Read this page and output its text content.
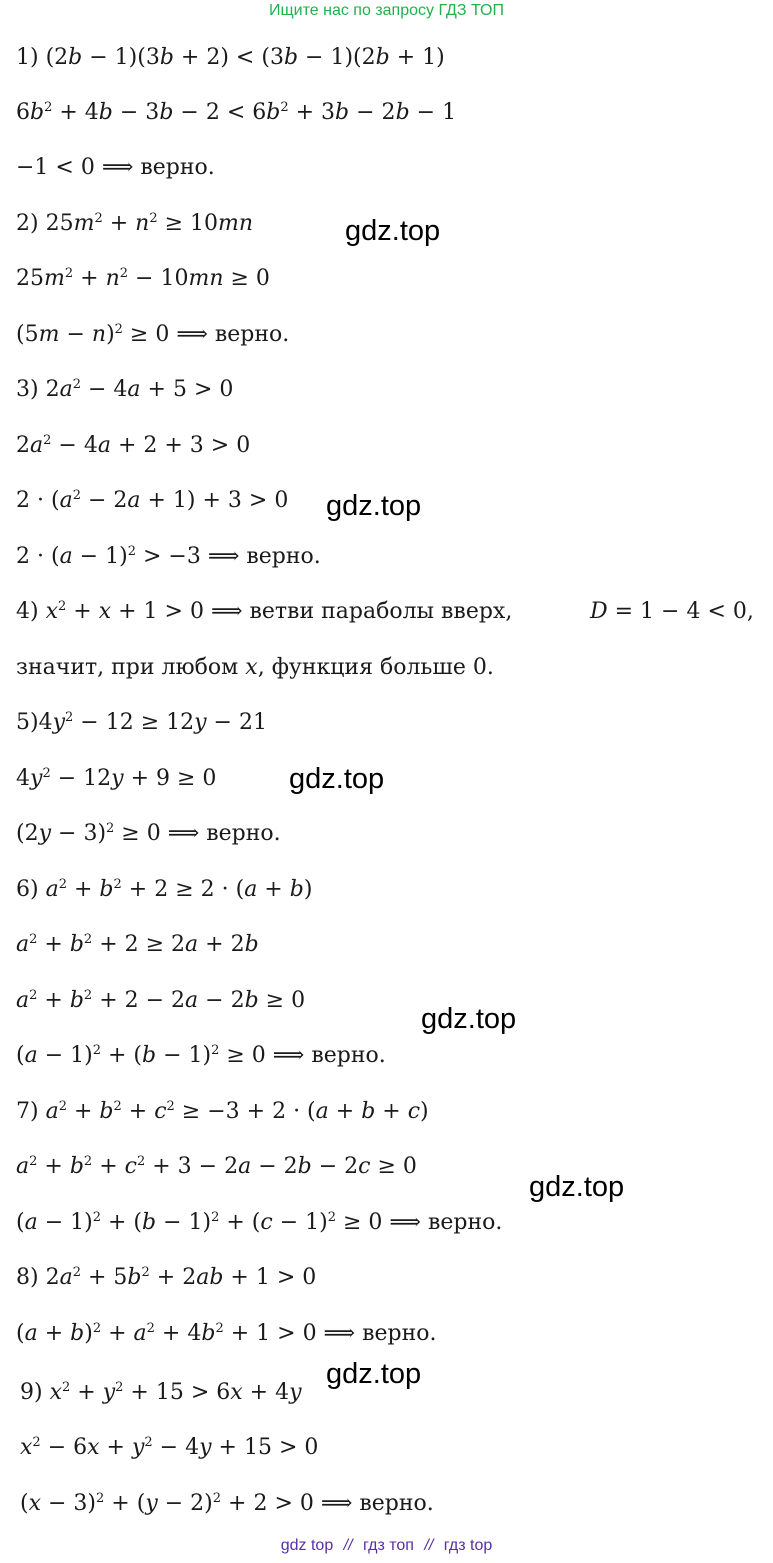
Ищите нас по запросу ГДЗ ТОП
1) (2b − 1)(3b + 2) < (3b − 1)(2b + 1)
$6b^2 + 4b - 3b - 2 < 6b^2 + 3b - 2b - 1$
−1 < 0 ⟹ верно.
2) $25m^2 + n^2 \ge 10mn$
$25m^2 + n^2 - 10mn \ge 0$
$(5m - n)^2 \ge 0$ ⟹ верно.
3) $2a^2 - 4a + 5 > 0$
$2a^2 - 4a + 2 + 3 > 0$
$2 \cdot (a^2 - 2a + 1) + 3 > 0$
$2 \cdot (a - 1)^2 > -3$ ⟹ верно.
4) $x^2 + x + 1 > 0$ ⟹ ветви параболы вверх,	D = 1 − 4 < 0,
значит, при любом x, функция больше 0.
$5)4y^2 - 12 \ge 12y - 21$
$4y^2 - 12y + 9 \ge 0$
$(2y - 3)^2 \ge 0$ ⟹ верно.
6) $a^2 + b^2 + 2 \ge 2 \cdot (a + b)$
$a^2 + b^2 + 2 \ge 2a + 2b$
$a^2 + b^2 + 2 - 2a - 2b \ge 0$
$(a - 1)^2 + (b - 1)^2 \ge 0$ ⟹ верно.
7) $a^2 + b^2 + c^2 \ge -3 + 2 \cdot (a + b + c)$
$a^2 + b^2 + c^2 + 3 - 2a - 2b - 2c \ge 0$
$(a - 1)^2 + (b - 1)^2 + (c - 1)^2 \ge 0$ ⟹ верно.
8) $2a^2 + 5b^2 + 2ab + 1 > 0$
$(a + b)^2 + a^2 + 4b^2 + 1 > 0$ ⟹ верно.
9) $x^2 + y^2 + 15 > 6x + 4y$
$x^2 - 6x + y^2 - 4y + 15 > 0$
$(x - 3)^2 + (y - 2)^2 + 2 > 0$ ⟹ верно.
gdz.top
gdz.top
gdz.top
gdz.top
gdz.top
gdz.top
gdz top // гдз топ // гдз top
